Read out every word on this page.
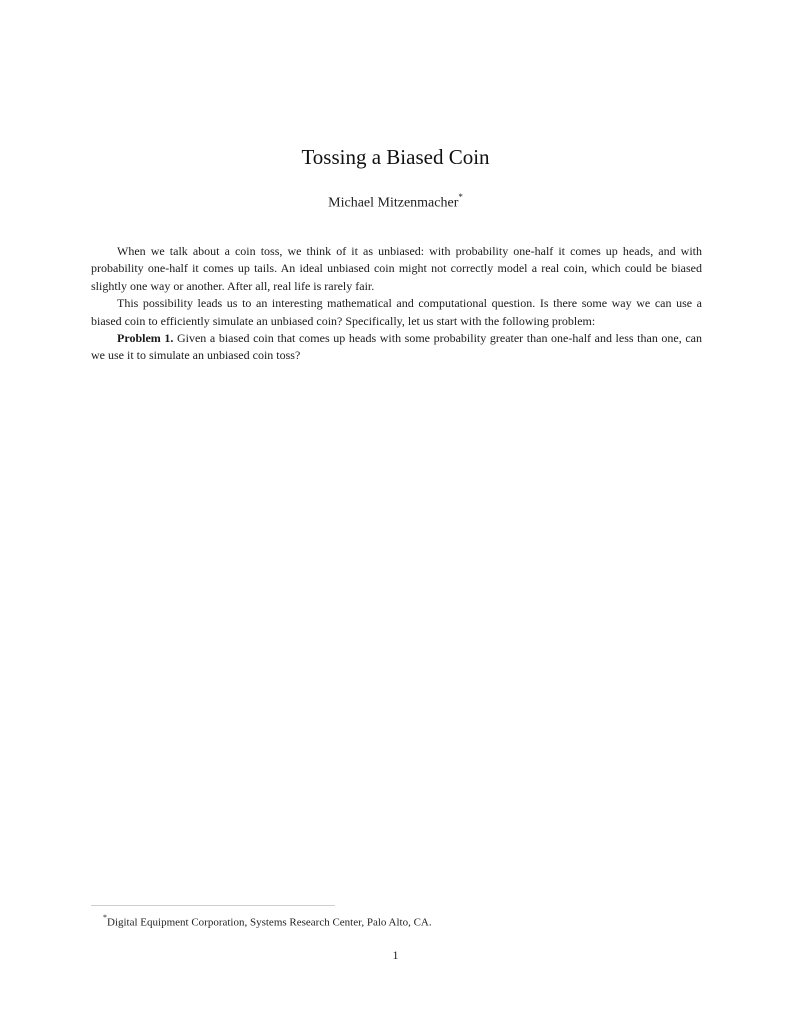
Tossing a Biased Coin
Michael Mitzenmacher*

When we talk about a coin toss, we think of it as unbiased: with probability one-half it comes up heads, and with probability one-half it comes up tails. An ideal unbiased coin might not correctly model a real coin, which could be biased slightly one way or another. After all, real life is rarely fair.

This possibility leads us to an interesting mathematical and computational question. Is there some way we can use a biased coin to efficiently simulate an unbiased coin? Specifically, let us start with the following problem:

Problem 1. Given a biased coin that comes up heads with some probability greater than one-half and less than one, can we use it to simulate an unbiased coin toss?

*Digital Equipment Corporation, Systems Research Center, Palo Alto, CA.
1
